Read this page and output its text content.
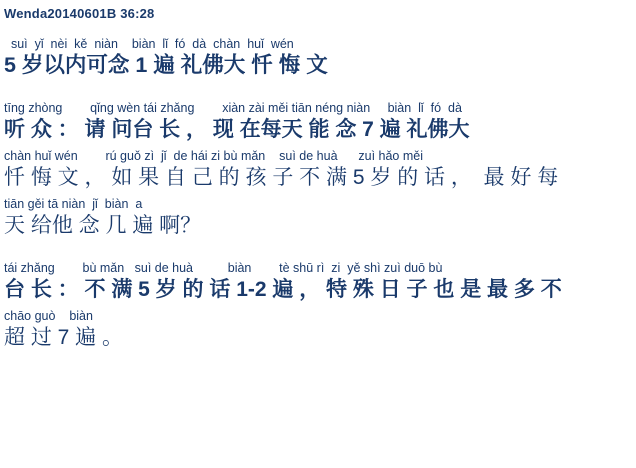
Wenda20140601B 36:28
suì  yǐ  nèi  kě  niàn    biàn  lǐ  fó  dà  chàn  huǐ  wén
5 岁以内可念 1 遍 礼佛大 忏 悔 文
tīng zhòng        qǐng wèn tái zhǎng        xiàn zài měi tiān néng niàn     biàn  lǐ  fó  dà
听 众 ： 请 问台 长 ， 现 在每天 能 念 7 遍 礼佛大
chàn huǐ wén        rú guǒ zì  jǐ  de hái zi bù mǎn    suì de huà      zuì hǎo měi
忏 悔 文 ， 如 果 自 己 的 孩 子 不 满 5 岁 的 话 ，  最 好 每
tiān gěi tā niàn  jǐ  biàn  a
天 给他 念 几 遍 啊？
tái zhǎng        bù mǎn   suì de huà          biàn        tè shū rì  zi  yě shì zuì duō bù
台 长 ： 不 满 5 岁 的 话 1-2 遍 ， 特 殊 日 子 也 是 最 多 不
chāo guò    biàn
超 过 7 遍 。
